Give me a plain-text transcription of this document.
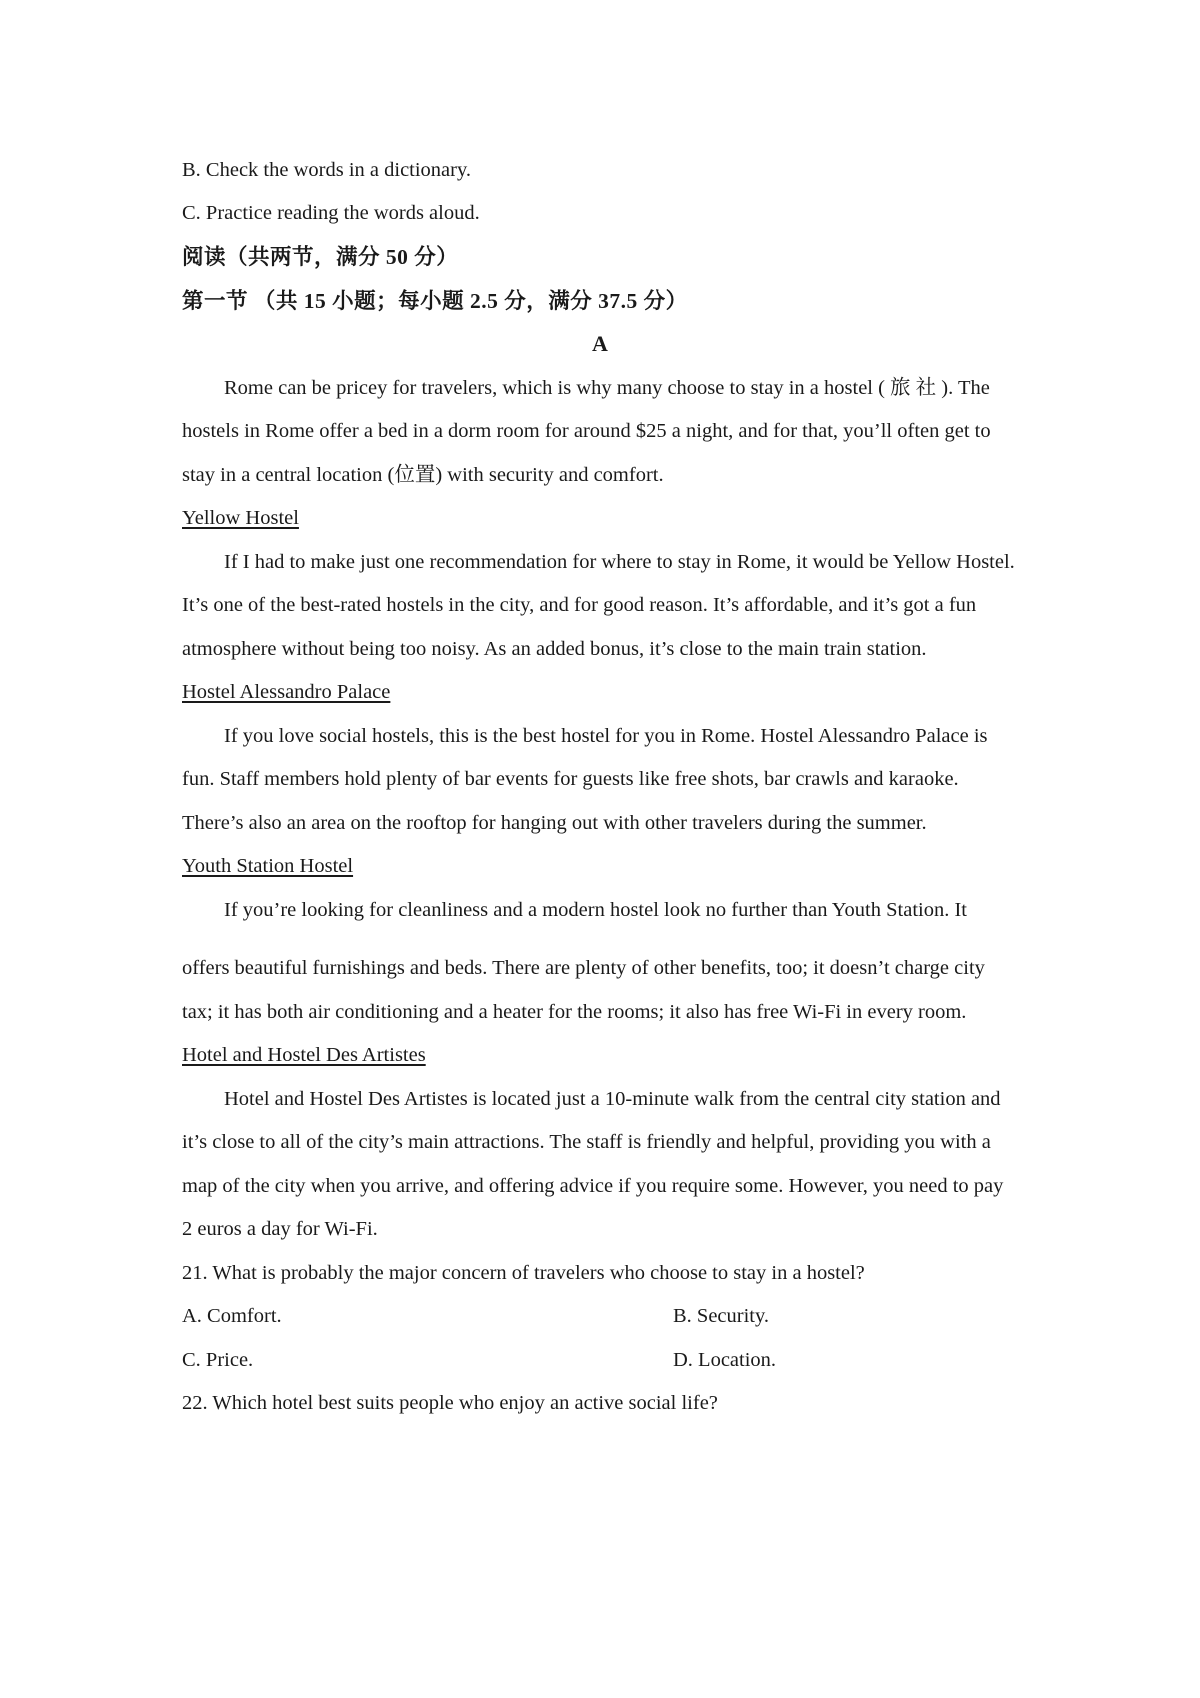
B. Check the words in a dictionary.
C. Practice reading the words aloud.
阅读（共两节，满分 50 分）
第一节 （共 15 小题；每小题 2.5 分，满分 37.5 分）
A
Rome can be pricey for travelers, which is why many choose to stay in a hostel ( 旅 社 ). The
hostels in Rome offer a bed in a dorm room for around $25 a night, and for that, you’ll often get to
stay in a central location (位置) with security and comfort.
Yellow Hostel
If I had to make just one recommendation for where to stay in Rome, it would be Yellow Hostel.
It’s one of the best-rated hostels in the city, and for good reason. It’s affordable, and it’s got a fun
atmosphere without being too noisy. As an added bonus, it’s close to the main train station.
Hostel Alessandro Palace
If you love social hostels, this is the best hostel for you in Rome. Hostel Alessandro Palace is
fun. Staff members hold plenty of bar events for guests like free shots, bar crawls and karaoke.
There’s also an area on the rooftop for hanging out with other travelers during the summer.
Youth Station Hostel
If you’re looking for cleanliness and a modern hostel look no further than Youth Station. It
offers beautiful furnishings and beds. There are plenty of other benefits, too; it doesn’t charge city
tax; it has both air conditioning and a heater for the rooms; it also has free Wi-Fi in every room.
Hotel and Hostel Des Artistes
Hotel and Hostel Des Artistes is located just a 10-minute walk from the central city station and
it’s close to all of the city’s main attractions. The staff is friendly and helpful, providing you with a
map of the city when you arrive, and offering advice if you require some. However, you need to pay
2 euros a day for Wi-Fi.
21. What is probably the major concern of travelers who choose to stay in a hostel?
A. Comfort.	B. Security.
C. Price.	D. Location.
22. Which hotel best suits people who enjoy an active social life?
